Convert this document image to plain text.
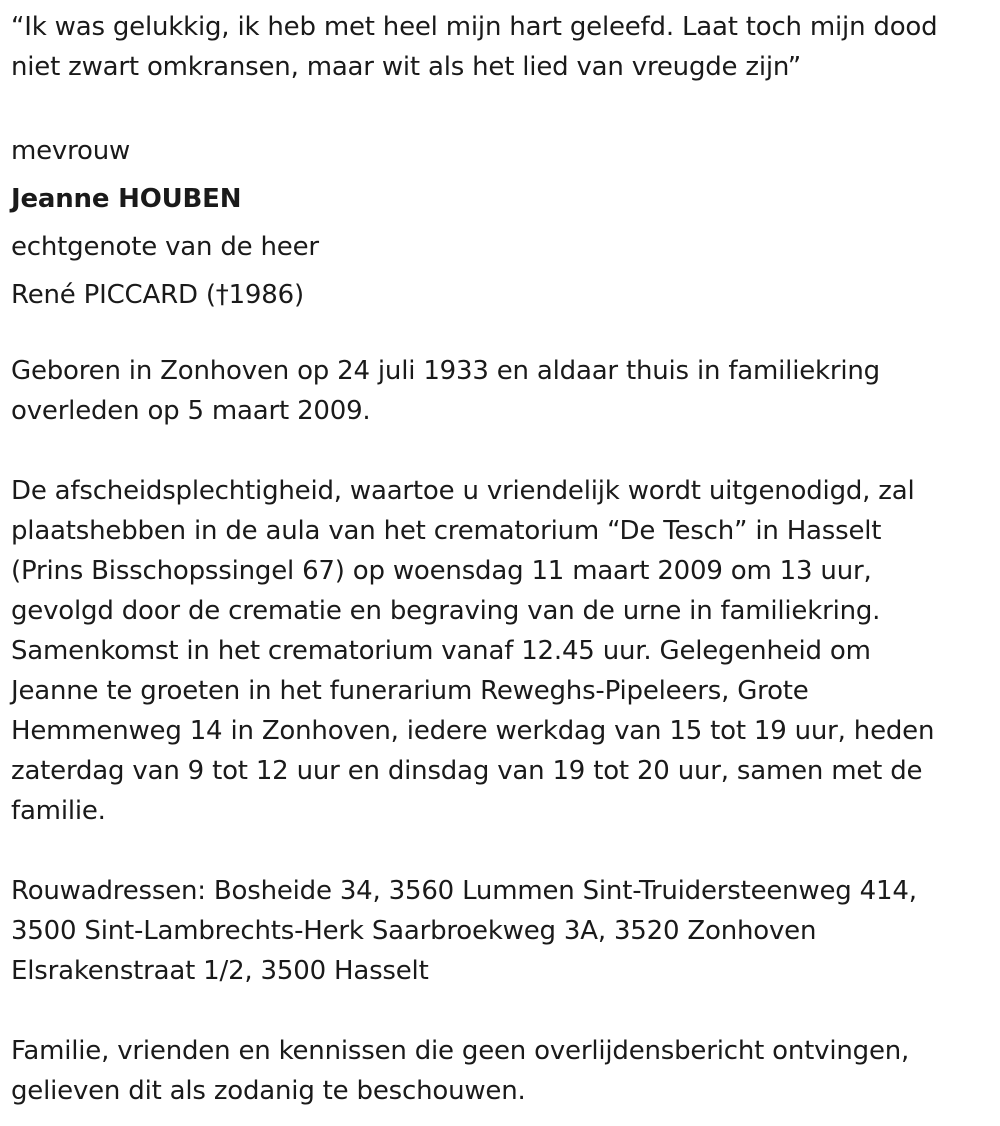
“Ik was gelukkig, ik heb met heel mijn hart geleefd. Laat toch mijn dood
niet zwart omkransen, maar wit als het lied van vreugde zijn”

mevrouw

Jeanne HOUBEN

echtgenote van de heer

René PICCARD (†1986)

Geboren in Zonhoven op 24 juli 1933 en aldaar thuis in familiekring
overleden op 5 maart 2009.

De afscheidsplechtigheid, waartoe u vriendelijk wordt uitgenodigd, zal
plaatshebben in de aula van het crematorium “De Tesch” in Hasselt
(Prins Bisschopssingel 67) op woensdag 11 maart 2009 om 13 uur,
gevolgd door de crematie en begraving van de urne in familiekring.
Samenkomst in het crematorium vanaf 12.45 uur. Gelegenheid om
Jeanne te groeten in het funerarium Reweghs-Pipeleers, Grote
Hemmenweg 14 in Zonhoven, iedere werkdag van 15 tot 19 uur, heden
zaterdag van 9 tot 12 uur en dinsdag van 19 tot 20 uur, samen met de
familie.

Rouwadressen: Bosheide 34, 3560 Lummen Sint-Truidersteenweg 414,
3500 Sint-Lambrechts-Herk Saarbroekweg 3A, 3520 Zonhoven
Elsrakenstraat 1/2, 3500 Hasselt

Familie, vrienden en kennissen die geen overlijdensbericht ontvingen,
gelieven dit als zodanig te beschouwen.
